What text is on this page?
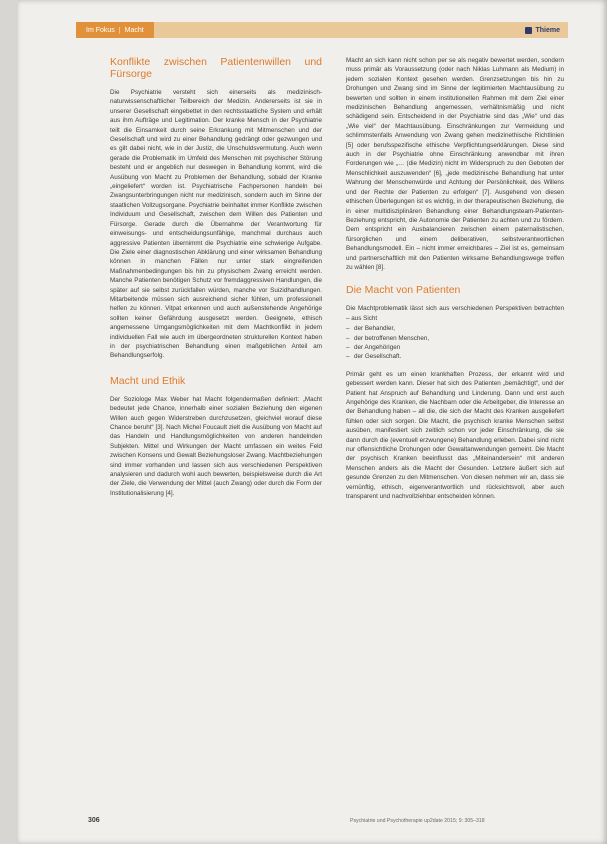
Im Fokus | Macht	Thieme
Konflikte zwischen Patientenwillen und Fürsorge

Die Psychiatrie versteht sich einerseits als medizinisch-naturwissenschaftlicher Teilbereich der Medizin. Andererseits ist sie in unserer Gesellschaft eingebettet in den rechtsstaatliche System und erhält aus ihm Aufträge und Legitimation. Der kranke Mensch in der Psychiatrie teilt die Einsamkeit durch seine Erkrankung mit Mitmenschen und der Gesellschaft und wird zu einer Behandlung gedrängt oder gezwungen und es gilt dabei nicht, wie in der Justiz, die Unschuldsvermutung. Auch wenn gerade die Problematik im Umfeld des Menschen mit psychischer Störung besteht und er angeblich nur deswegen in Behandlung kommt, wird die Ausübung von Macht zu Problemen der Behandlung, sobald der Kranke „eingeliefert“ worden ist. Psychiatrische Fachpersonen handeln bei Zwangsunterbringungen nicht nur medizinisch, sondern auch im Sinne der staatlichen Vollzugsorgane. Psychiatrie beinhaltet immer Konflikte zwischen Individuum und Gesellschaft, zwischen dem Willen des Patienten und Fürsorge. Gerade durch die Übernahme der Verantwortung für einweisungs- und entscheidungsunfähige, manchmal durchaus auch aggressive Patienten übernimmt die Psychiatrie eine schwierige Aufgabe. Die Ziele einer diagnostischen Abklärung und einer wirksamen Behandlung können in manchen Fällen nur unter stark eingreifenden Maßnahmenbedingungen bis hin zu physischem Zwang erreicht werden. Manche Patienten benötigen Schutz vor fremdaggressiven Handlungen, die später auf sie selbst zurückfallen würden, manche vor Suizidhandlungen. Mitarbeitende müssen sich ausreichend sicher fühlen, um professionell helfen zu können. Vitpat erkennen und auch außenstehende Angehörige sollten keiner Gefährdung ausgesetzt werden. Geeignete, ethisch angemessene Umgangsmöglichkeiten mit dem Machtkonflikt in jedem individuellen Fall wie auch im übergeordneten strukturellen Kontext haben in der psychiatrischen Behandlung einen maßgeblichen Anteil am Behandlungserfolg.

Macht und Ethik

Der Soziologe Max Weber hat Macht folgendermaßen definiert: „Macht bedeutet jede Chance, innerhalb einer sozialen Beziehung den eigenen Willen auch gegen Widerstreben durchzusetzen, gleichviel worauf diese Chance beruht“ [3]. Nach Michel Foucault zielt die Ausübung von Macht auf das Handeln und Handlungsmöglichkeiten von anderen handelnden Subjekten. Mittel und Wirkungen der Macht umfassen ein weites Feld zwischen Konsens und Gewalt Beziehungsloser Zwang. Machtbeziehungen sind immer vorhanden und lassen sich aus verschiedenen Perspektiven analysieren und dadurch wohl auch bewerten, beispielsweise durch die Art der Ziele, die Verwendung der Mittel (auch Zwang) oder durch die Form der Institutionalisierung [4].

Macht an sich kann nicht schon per se als negativ bewertet werden, sondern muss primär als Voraussetzung (oder nach Niklas Luhmann als Medium) in jedem sozialen Kontext gesehen werden. Grenzsetzungen bis hin zu Drohungen und Zwang sind im Sinne der legitimierten Machtausübung zu bewerten und sollten in einem institutionellen Rahmen mit dem Ziel einer medizinischen Behandlung angemessen, verhältnismäßig und nicht schädigend sein. Entscheidend in der Psychiatrie sind das „Wie“ und das „Wie viel“ der Machtausübung. Einschränkungen zur Vermeidung und schlimmstenfalls Anwendung von Zwang gehen medizinethische Richtlinien [5] oder berufsspezifische ethische Verpflichtungserklärungen. Diese sind auch in der Psychiatrie ohne Einschränkung anwendbar mit ihren Forderungen wie „… (die Medizin) nicht im Widerspruch zu den Geboten der Menschlichkeit auszuwenden“ [6], „jede medizinische Behandlung hat unter Wahrung der Menschenwürde und Achtung der Persönlichkeit, des Willens und der Rechte der Patienten zu erfolgen“ [7]. Ausgehend von diesen ethischen Überlegungen ist es wichtig, in der therapeutischen Beziehung, die in einer multidisziplinären Behandlung einer Behandlungsteam-Patienten-Beziehung entspricht, die Autonomie der Patienten zu achten und zu fördern. Dem entspricht ein Ausbalancieren zwischen einem paternalistischen, fürsorglichen und einem deliberativen, selbstverantwortlichen Behandlungsmodell. Ein – nicht immer erreichbares – Ziel ist es, gemeinsam und partnerschaftlich mit den Patienten wirksame Behandlungswege treffen zu wählen [8].

Die Macht von Patienten

Die Machtproblematik lässt sich aus verschiedenen Perspektiven betrachten – aus Sicht

– der Behandler,
– der betroffenen Menschen,
– der Angehörigen
– der Gesellschaft.

Primär geht es um einen krankhaften Prozess, der erkannt wird und gebessert werden kann. Dieser hat sich des Patienten „bemächtigt“, und der Patient hat Anspruch auf Behandlung und Linderung. Dann und erst auch Angehörige des Kranken, die Nachbarn oder die Arbeitgeber, die Interesse an der Behandlung haben – all die, die sich der Macht des Kranken ausgeliefert fühlen oder sich sorgen. Die Macht, die psychisch kranke Menschen selbst ausüben, manifestiert sich zeitlich schon vor jeder Einschränkung, die sie dann durch die (eventuell erzwungene) Behandlung erleben. Dabei sind nicht nur offensichtliche Drohungen oder Gewaltanwendungen gemeint. Die Macht der psychisch Kranken beeinflusst das „Miteinandersein“ mit anderen Menschen anders als die Macht der Gesunden. Letztere äußert sich auf gesunde Grenzen zu den Mitmenschen. Von diesen nehmen wir an, dass sie vernünftig, ethisch, eigenverantwortlich und rücksichtsvoll, aber auch transparent und nachvollziehbar entscheiden können.

306	Psychiatrie und Psychotherapie up2date 2015; 9: 305–318
